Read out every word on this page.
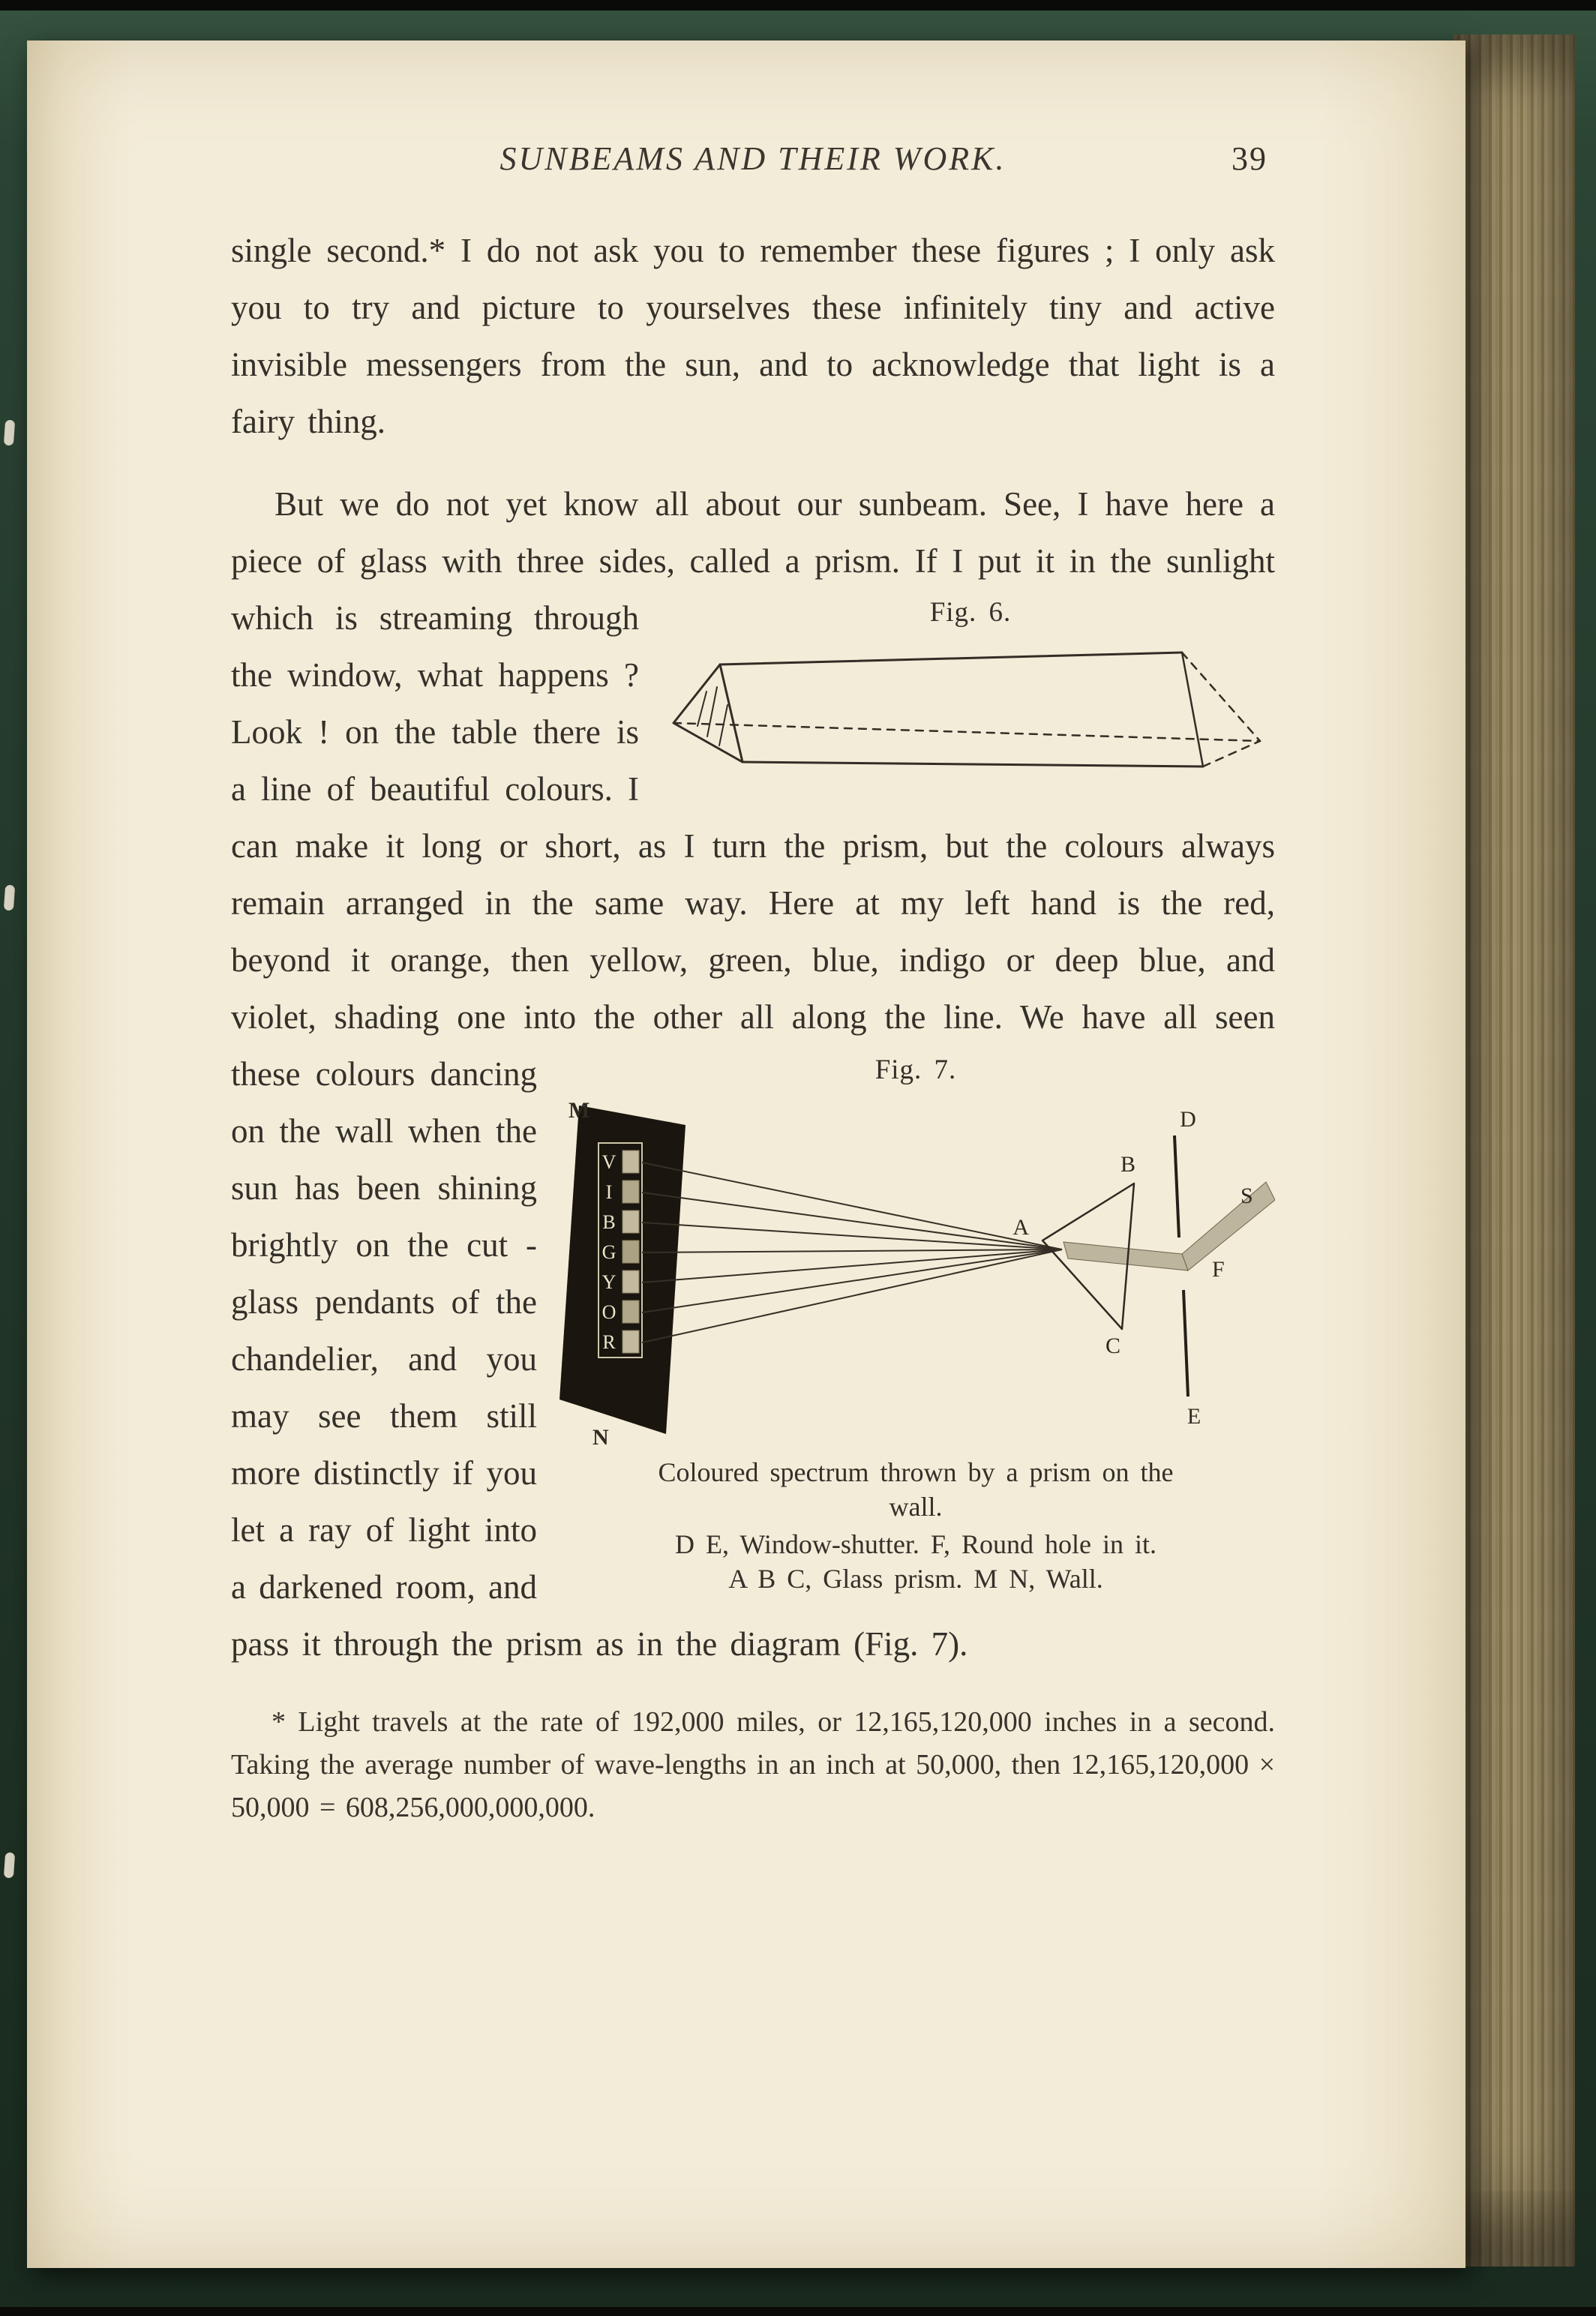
SUNBEAMS AND THEIR WORK.	39

single second.* I do not ask you to remember these figures ; I only ask you to try and picture to yourselves these infinitely tiny and active invisible messengers from the sun, and to acknowledge that light is a fairy thing.

But we do not yet know all about our sunbeam. See, I have here a piece of glass with three sides, called a
Fig. 6.
prism. If I put it in the sunlight which is streaming through the window, what happens ? Look ! on the table there is a line of beautiful colours. I can make it long or short, as I turn the prism, but the colours always remain arranged in the same way. Here at my left hand is the red, beyond it orange, then yellow, green, blue, indigo or deep blue, and violet, shading one into the other all along the line. We have all
Fig. 7.
V
I
B
G
Y
O
R
M
N
A
B
C
D
E
F
S
Coloured spectrum thrown by a prism on the wall.
D E, Window-shutter. F, Round hole in it.
A B C, Glass prism. M N, Wall.
seen these colours dancing on the wall when the sun has been shining brightly on the cut - glass pendants of the chandelier, and you may see them still more distinctly if you let a ray of light into a darkened room, and pass it through the prism as in the diagram (Fig. 7).

* Light travels at the rate of 192,000 miles, or 12,165,120,000 inches in a second. Taking the average number of wave-lengths in an inch at 50,000, then 12,165,120,000 × 50,000 = 608,256,000,000,000.
